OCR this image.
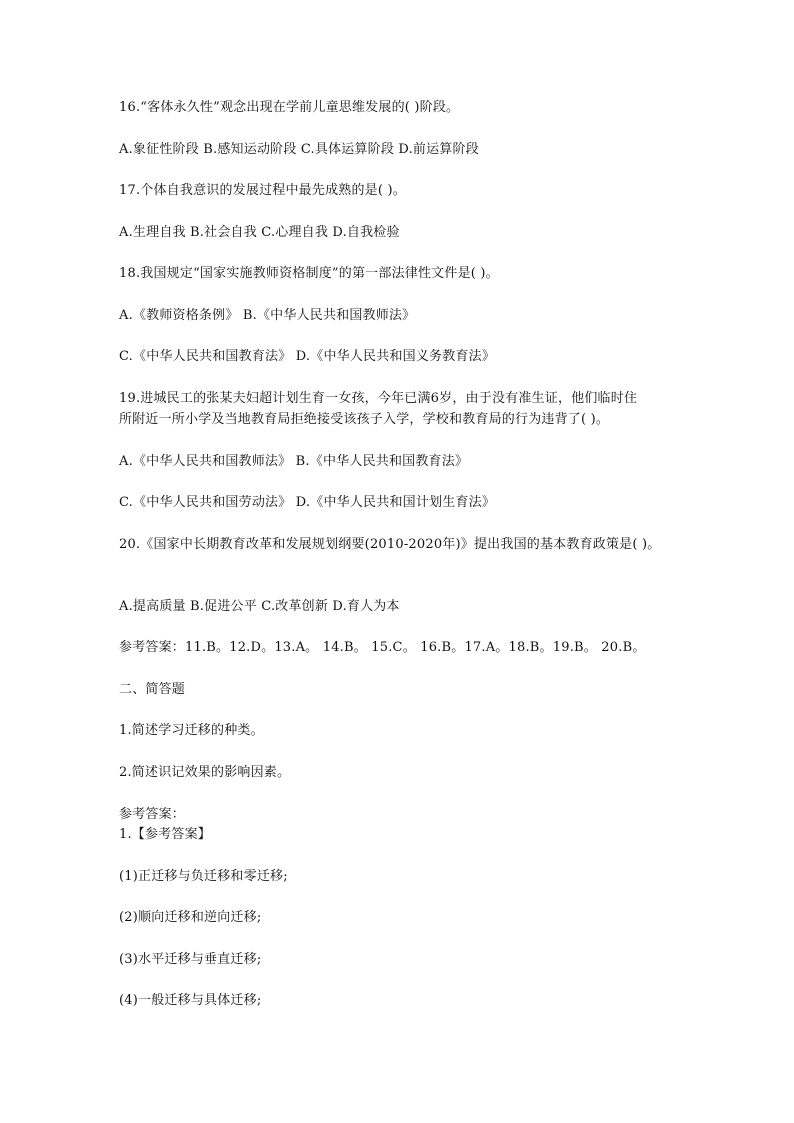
16.“客体永久性”观念出现在学前儿童思维发展的( )阶段。
A.象征性阶段 B.感知运动阶段 C.具体运算阶段 D.前运算阶段
17.个体自我意识的发展过程中最先成熟的是( )。
A.生理自我 B.社会自我 C.心理自我 D.自我检验
18.我国规定“国家实施教师资格制度”的第一部法律性文件是( )。
A.《教师资格条例》 B.《中华人民共和国教师法》
C.《中华人民共和国教育法》 D.《中华人民共和国义务教育法》
19.进城民工的张某夫妇超计划生育一女孩，今年已满6岁，由于没有准生证，他们临时住
所附近一所小学及当地教育局拒绝接受该孩子入学，学校和教育局的行为违背了( )。
A.《中华人民共和国教师法》 B.《中华人民共和国教育法》
C.《中华人民共和国劳动法》 D.《中华人民共和国计划生育法》
20.《国家中长期教育改革和发展规划纲要(2010-2020年)》提出我国的基本教育政策是( )。
A.提高质量 B.促进公平 C.改革创新 D.育人为本
参考答案：11.B。12.D。13.A。 14.B。 15.C。 16.B。17.A。18.B。19.B。 20.B。
二、简答题
1.简述学习迁移的种类。
2.简述识记效果的影响因素。
参考答案：
1.【参考答案】
(1)正迁移与负迁移和零迁移;
(2)顺向迁移和逆向迁移;
(3)水平迁移与垂直迁移;
(4)一般迁移与具体迁移;
